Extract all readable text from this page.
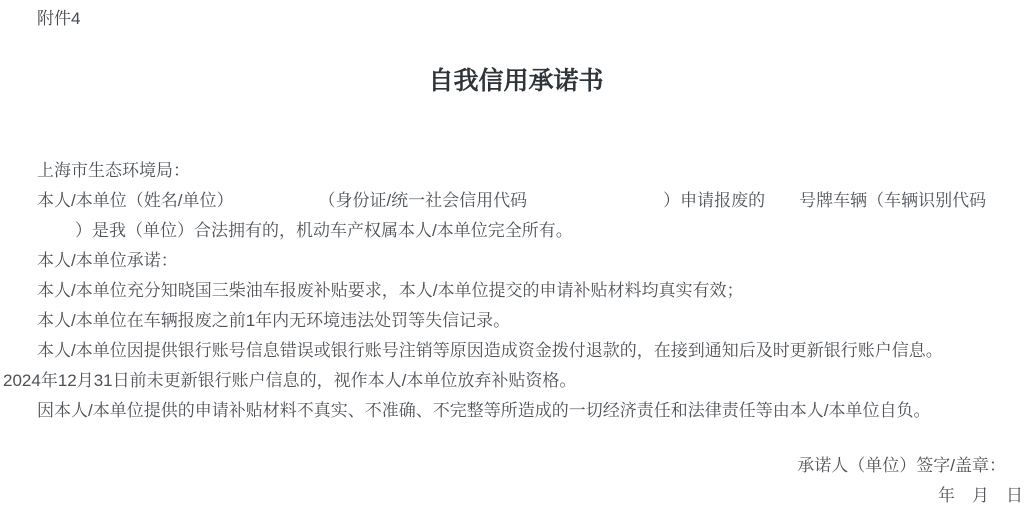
附件4
自我信用承诺书
上海市生态环境局：
本人/本单位（姓名/单位）　　　　　　（身份证/统一社会信用代码　　　　　　　　）申请报废的　　号牌车辆（车辆识别代码
）是我（单位）合法拥有的，机动车产权属本人/本单位完全所有。
本人/本单位承诺：
本人/本单位充分知晓国三柴油车报废补贴要求，本人/本单位提交的申请补贴材料均真实有效；
本人/本单位在车辆报废之前1年内无环境违法处罚等失信记录。
本人/本单位因提供银行账号信息错误或银行账号注销等原因造成资金拨付退款的，在接到通知后及时更新银行账户信息。
2024年12月31日前未更新银行账户信息的，视作本人/本单位放弃补贴资格。
因本人/本单位提供的申请补贴材料不真实、不准确、不完整等所造成的一切经济责任和法律责任等由本人/本单位自负。
承诺人（单位）签字/盖章：
年　月　日
